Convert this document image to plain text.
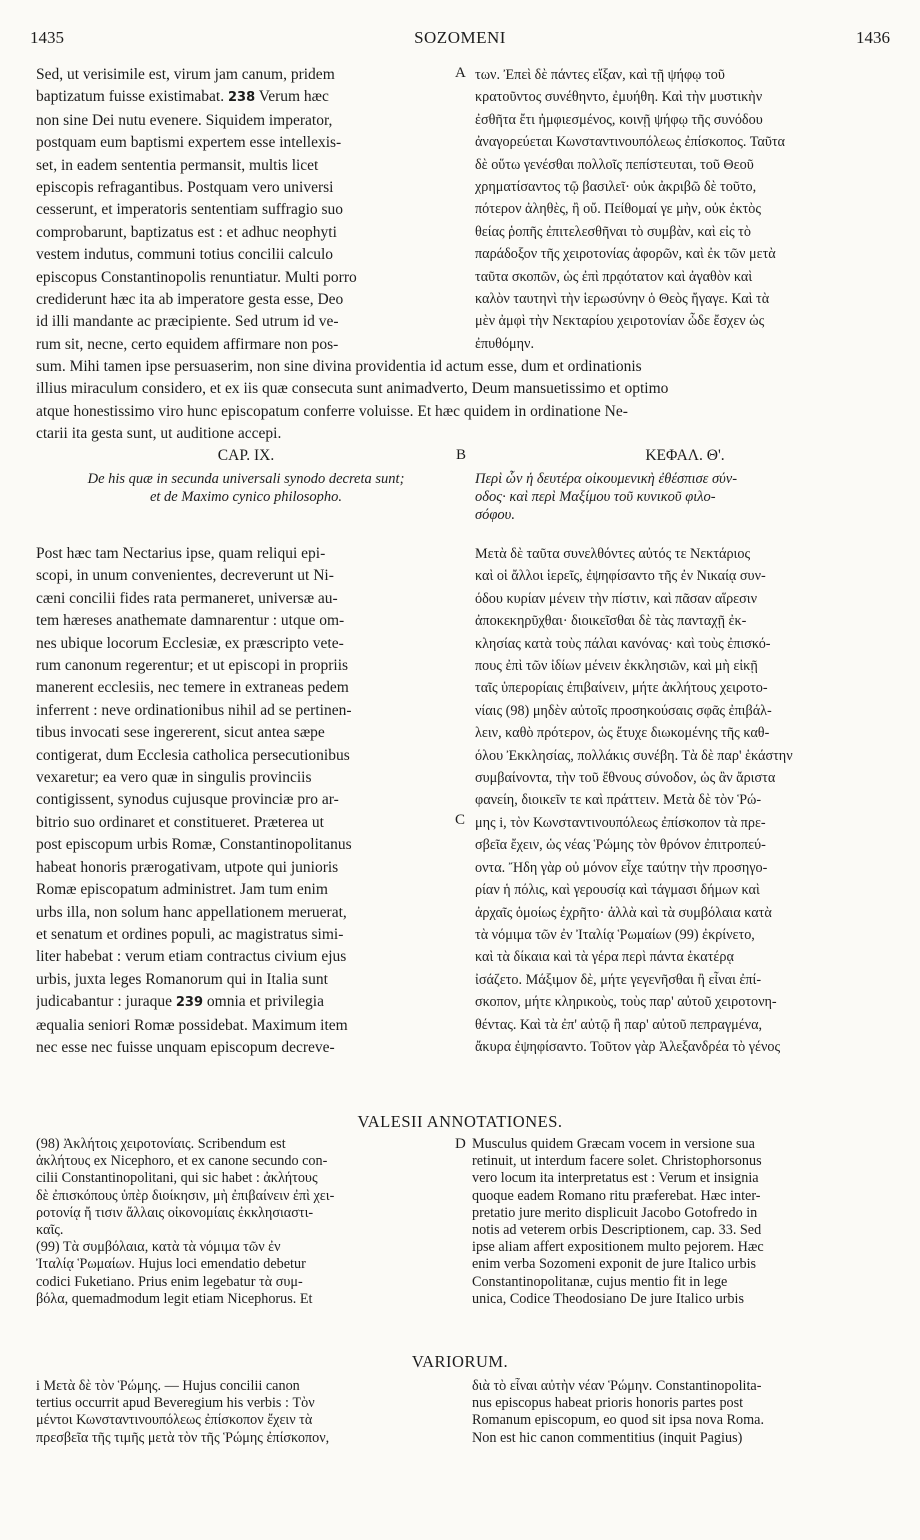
1435	SOZOMENI	1436
Sed, ut verisimile est, virum jam canum, pridem
baptizatum fuisse existimabat. 238 Verum hæc
non sine Dei nutu evenere. Siquidem imperator,
postquam eum baptismi expertem esse intellexis-
set, in eadem sententia permansit, multis licet
episcopis refragantibus. Postquam vero universi
cesserunt, et imperatoris sententiam suffragio suo
comprobarunt, baptizatus est : et adhuc neophyti
vestem indutus, communi totius concilii calculo
episcopus Constantinopolis renuntiatur. Multi porro
crediderunt hæc ita ab imperatore gesta esse, Deo
id illi mandante ac præcipiente. Sed utrum id ve-
rum sit, necne, certo equidem affirmare non pos-
των. Ἐπεὶ δὲ πάντες εἴξαν, καὶ τῇ ψήφῳ τοῦ
κρατοῦντος συνέθηντο, ἐμυήθη. Καὶ τὴν μυστικὴν
ἐσθῆτα ἔτι ἠμφιεσμένος, κοινῇ ψήφῳ τῆς συνόδου
ἀναγορεύεται Κωνσταντινουπόλεως ἐπίσκοπος. Ταῦτα
δὲ οὕτω γενέσθαι πολλοῖς πεπίστευται, τοῦ Θεοῦ
χρηματίσαντος τῷ βασιλεῖ· οὐκ ἀκριβῶ δὲ τοῦτο,
πότερον ἀληθὲς, ἢ οὔ. Πείθομαί γε μὴν, οὐκ ἐκτὸς
θείας ῥοπῆς ἐπιτελεσθῆναι τὸ συμβὰν, καὶ εἰς τὸ
παράδοξον τῆς χειροτονίας ἀφορῶν, καὶ ἐκ τῶν μετὰ
ταῦτα σκοπῶν, ὡς ἐπὶ πρᾳότατον καὶ ἀγαθὸν καὶ
καλὸν ταυτηνὶ τὴν ἱερωσύνην ὁ Θεὸς ἤγαγε. Καὶ τὰ
μὲν ἀμφὶ τὴν Νεκταρίου χειροτονίαν ὧδε ἔσχεν ὡς
ἐπυθόμην.
A
sum. Mihi tamen ipse persuaserim, non sine divina providentia id actum esse, dum et ordinationis
illius miraculum considero, et ex iis quæ consecuta sunt animadverto, Deum mansuetissimo et optimo
atque honestissimo viro hunc episcopatum conferre voluisse. Et hæc quidem in ordinatione Ne-
ctarii ita gesta sunt, ut auditione accepi.
CAP. IX.	B	ΚΕΦΑΛ. Θ'.
De his quæ in secunda universali synodo decreta sunt;
et de Maximo cynico philosopho.
Περὶ ὧν ἡ δευτέρα οἰκουμενικὴ ἐθέσπισε σύν-
οδος· καὶ περὶ Μαξίμου τοῦ κυνικοῦ φιλο-
σόφου.
Post hæc tam Nectarius ipse, quam reliqui epi-
scopi, in unum convenientes, decreverunt ut Ni-
cæni concilii fides rata permaneret, universæ au-
tem hæreses anathemate damnarentur : utque om-
nes ubique locorum Ecclesiæ, ex præscripto vete-
rum canonum regerentur; et ut episcopi in propriis
manerent ecclesiis, nec temere in extraneas pedem
inferrent : neve ordinationibus nihil ad se pertinen-
tibus invocati sese ingererent, sicut antea sæpe
contigerat, dum Ecclesia catholica persecutionibus
vexaretur; ea vero quæ in singulis provinciis
contigissent, synodus cujusque provinciæ pro ar-
bitrio suo ordinaret et constitueret. Præterea ut
post episcopum urbis Romæ, Constantinopolitanus
habeat honoris prærogativam, utpote qui junioris
Romæ episcopatum administret. Jam tum enim
urbs illa, non solum hanc appellationem meruerat,
et senatum et ordines populi, ac magistratus simi-
liter habebat : verum etiam contractus civium ejus
urbis, juxta leges Romanorum qui in Italia sunt
judicabantur : juraque 239 omnia et privilegia
æqualia seniori Romæ possidebat. Maximum item
nec esse nec fuisse unquam episcopum decreve-
Μετὰ δὲ ταῦτα συνελθόντες αὐτός τε Νεκτάριος
καὶ οἱ ἄλλοι ἱερεῖς, ἐψηφίσαντο τῆς ἐν Νικαίᾳ συν-
όδου κυρίαν μένειν τὴν πίστιν, καὶ πᾶσαν αἵρεσιν
ἀποκεκηρῦχθαι· διοικεῖσθαι δὲ τὰς πανταχῇ ἐκ-
κλησίας κατὰ τοὺς πάλαι κανόνας· καὶ τοὺς ἐπισκό-
πους ἐπὶ τῶν ἰδίων μένειν ἐκκλησιῶν, καὶ μὴ εἰκῇ
ταῖς ὑπερορίαις ἐπιβαίνειν, μήτε ἀκλήτους χειροτο-
νίαις (98) μηδὲν αὐτοῖς προσηκούσαις σφᾶς ἐπιβάλ-
λειν, καθὸ πρότερον, ὡς ἔτυχε διωκομένης τῆς καθ-
όλου Ἐκκλησίας, πολλάκις συνέβη. Τὰ δὲ παρ' ἑκάστην
συμβαίνοντα, τὴν τοῦ ἔθνους σύνοδον, ὡς ἂν ἄριστα
φανείη, διοικεῖν τε καὶ πράττειν. Μετὰ δὲ τὸν Ῥώ-
μης i, τὸν Κωνσταντινουπόλεως ἐπίσκοπον τὰ πρε-
σβεῖα ἔχειν, ὡς νέας Ῥώμης τὸν θρόνον ἐπιτροπεύ-
οντα. Ἤδη γὰρ οὐ μόνον εἶχε ταύτην τὴν προσηγο-
ρίαν ἡ πόλις, καὶ γερουσίᾳ καὶ τάγμασι δήμων καὶ
ἀρχαῖς ὁμοίως ἐχρῆτο· ἀλλὰ καὶ τὰ συμβόλαια κατὰ
τὰ νόμιμα τῶν ἐν Ἰταλίᾳ Ῥωμαίων (99) ἐκρίνετο,
καὶ τὰ δίκαια καὶ τὰ γέρα περὶ πάντα ἑκατέρᾳ
ἰσάζετο. Μάξιμον δὲ, μήτε γεγενῆσθαι ἢ εἶναι ἐπί-
σκοπον, μήτε κληρικοὺς, τοὺς παρ' αὐτοῦ χειροτονη-
θέντας. Καὶ τὰ ἐπ' αὐτῷ ἢ παρ' αὐτοῦ πεπραγμένα,
ἄκυρα ἐψηφίσαντο. Τοῦτον γὰρ Ἀλεξανδρέα τὸ γένος
C
VALESII ANNOTATIONES.
(98) Ἀκλήτοις χειροτονίαις. Scribendum est
ἀκλήτους ex Nicephoro, et ex canone secundo con-
cilii Constantinopolitani, qui sic habet : ἀκλήτους
δὲ ἐπισκόπους ὑπὲρ διοίκησιν, μὴ ἐπιβαίνειν ἐπὶ χει-
ροτονίᾳ ἤ τισιν ἄλλαις οἰκονομίαις ἐκκλησιαστι-
καῖς.
(99) Τὰ συμβόλαια, κατὰ τὰ νόμιμα τῶν ἐν
Ἰταλίᾳ Ῥωμαίων. Hujus loci emendatio debetur
codici Fuketiano. Prius enim legebatur τὰ συμ-
βόλα, quemadmodum legit etiam Nicephorus. Et
D Musculus quidem Græcam vocem in versione sua
retinuit, ut interdum facere solet. Christophorsonus
vero locum ita interpretatus est : Verum et insignia
quoque eadem Romano ritu præferebat. Hæc inter-
pretatio jure merito displicuit Jacobo Gotofredo in
notis ad veterem orbis Descriptionem, cap. 33. Sed
ipse aliam affert expositionem multo pejorem. Hæc
enim verba Sozomeni exponit de jure Italico urbis
Constantinopolitanæ, cujus mentio fit in lege
unica, Codice Theodosiano De jure Italico urbis
VARIORUM.
i Μετὰ δὲ τὸν Ῥώμης. — Hujus concilii canon
tertius occurrit apud Beveregium his verbis : Τὸν
μέντοι Κωνσταντινουπόλεως ἐπίσκοπον ἔχειν τὰ
πρεσβεῖα τῆς τιμῆς μετὰ τὸν τῆς Ῥώμης ἐπίσκοπον,
διὰ τὸ εἶναι αὐτὴν νέαν Ῥώμην. Constantinopolita-
nus episcopus habeat prioris honoris partes post
Romanum episcopum, eo quod sit ipsa nova Roma.
Non est hic canon commentitius (inquit Pagius)
